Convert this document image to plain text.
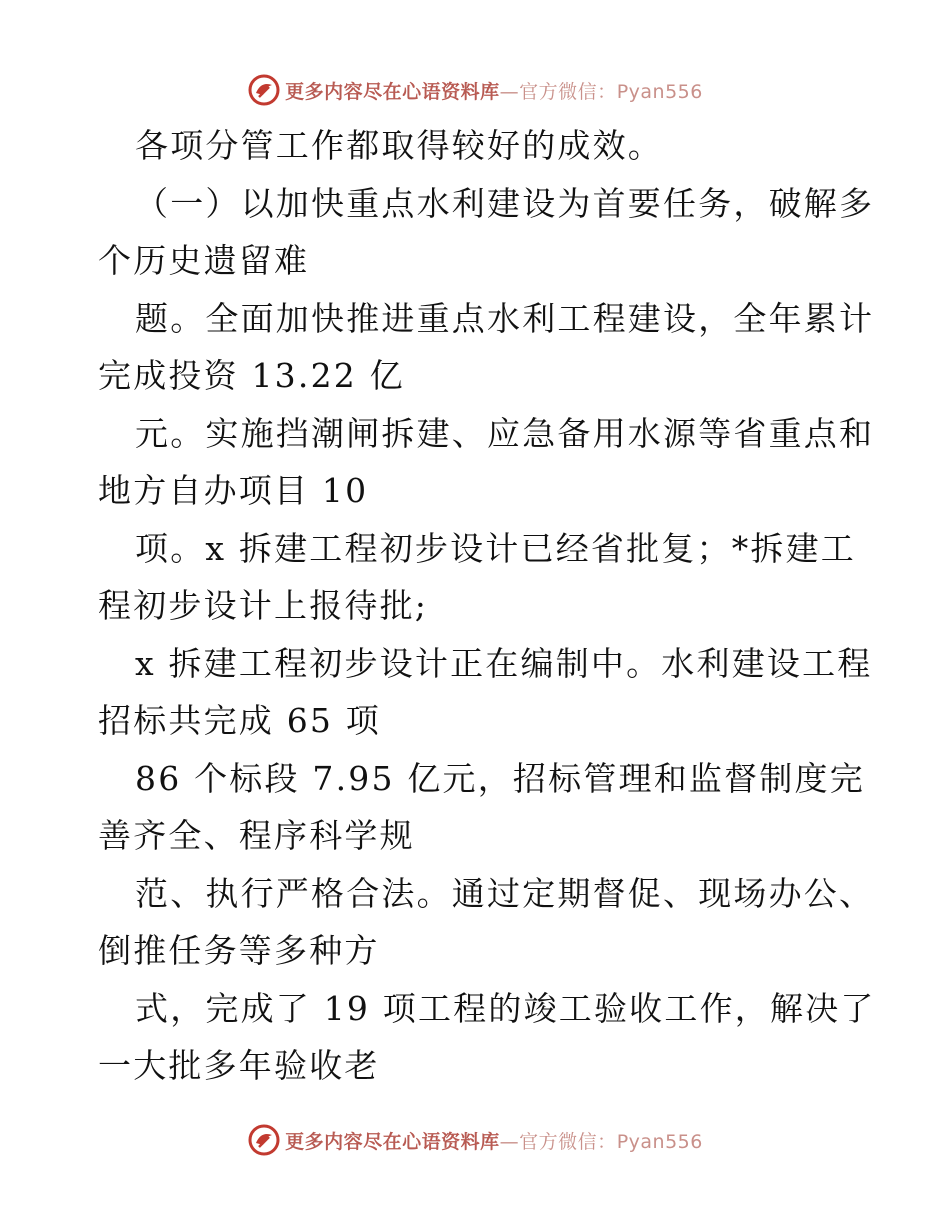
更多内容尽在心语资料库—官方微信：Pyan556
各项分管工作都取得较好的成效。
（一）以加快重点水利建设为首要任务，破解多
个历史遗留难
题。全面加快推进重点水利工程建设，全年累计
完成投资 13.22 亿
元。实施挡潮闸拆建、应急备用水源等省重点和
地方自办项目 10
项。x 拆建工程初步设计已经省批复；*拆建工
程初步设计上报待批;
x 拆建工程初步设计正在编制中。水利建设工程
招标共完成 65 项
86 个标段 7.95 亿元，招标管理和监督制度完
善齐全、程序科学规
范、执行严格合法。通过定期督促、现场办公、
倒推任务等多种方
式，完成了 19 项工程的竣工验收工作，解决了
一大批多年验收老
更多内容尽在心语资料库—官方微信：Pyan556
